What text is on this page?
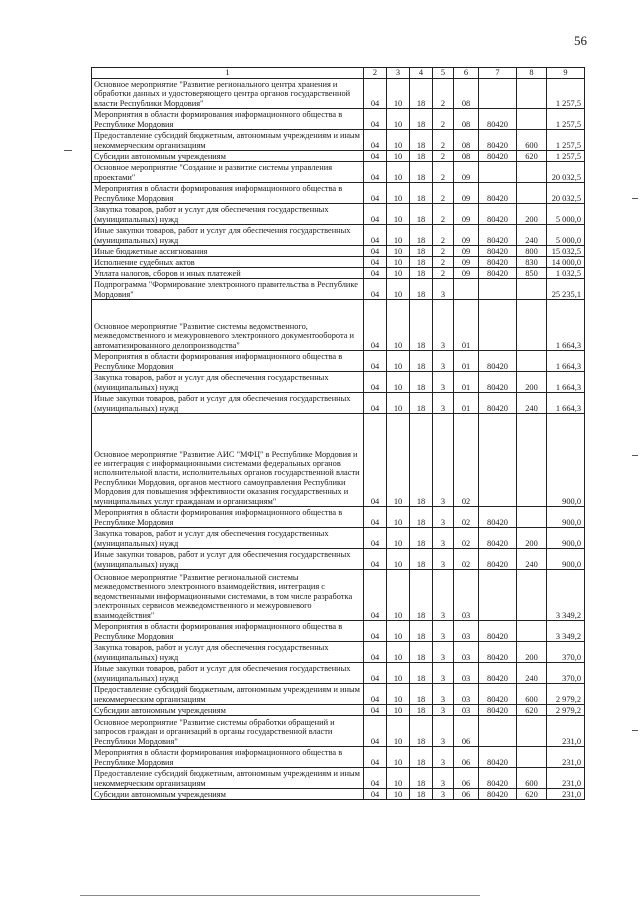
56
1	2	3	4	5	6	7	8	9
Основное мероприятие "Развитие регионального центра хранения и обработки данных и удостоверяющего центра органов государственной власти Республики Мордовия"	04	10	18	2	08			1 257,5
Мероприятия в области формирования информационного общества в Республике Мордовия	04	10	18	2	08	80420		1 257,5
Предоставление субсидий бюджетным, автономным учреждениям и иным некоммерческим организациям	04	10	18	2	08	80420	600	1 257,5
Субсидии автономным учреждениям	04	10	18	2	08	80420	620	1 257,5
Основное мероприятие "Создание и развитие системы управления проектами"	04	10	18	2	09			20 032,5
Мероприятия в области формирования информационного общества в Республике Мордовия	04	10	18	2	09	80420		20 032,5
Закупка товаров, работ и услуг для обеспечения государственных (муниципальных) нужд	04	10	18	2	09	80420	200	5 000,0
Иные закупки товаров, работ и услуг для обеспечения государственных (муниципальных) нужд	04	10	18	2	09	80420	240	5 000,0
Иные бюджетные ассигнования	04	10	18	2	09	80420	800	15 032,5
Исполнение судебных актов	04	10	18	2	09	80420	830	14 000,0
Уплата налогов, сборов и иных платежей	04	10	18	2	09	80420	850	1 032,5
Подпрограмма "Формирование электронного правительства в Республике Мордовия"	04	10	18	3				25 235,1
Основное мероприятие "Развитие системы ведомственного, межведомственного и межуровневого электронного документооборота и автоматизированного делопроизводства"	04	10	18	3	01			1 664,3
Мероприятия в области формирования информационного общества в Республике Мордовия	04	10	18	3	01	80420		1 664,3
Закупка товаров, работ и услуг для обеспечения государственных (муниципальных) нужд	04	10	18	3	01	80420	200	1 664,3
Иные закупки товаров, работ и услуг для обеспечения государственных (муниципальных) нужд	04	10	18	3	01	80420	240	1 664,3
Основное мероприятие "Развитие АИС "МФЦ" в Республике Мордовия и ее интеграция с информационными системами федеральных органов исполнительной власти, исполнительных органов государственной власти Республики Мордовия, органов местного самоуправления Республики Мордовия для повышения эффективности оказания государственных и муниципальных услуг гражданам и организациям"	04	10	18	3	02			900,0
Мероприятия в области формирования информационного общества в Республике Мордовия	04	10	18	3	02	80420		900,0
Закупка товаров, работ и услуг для обеспечения государственных (муниципальных) нужд	04	10	18	3	02	80420	200	900,0
Иные закупки товаров, работ и услуг для обеспечения государственных (муниципальных) нужд	04	10	18	3	02	80420	240	900,0
Основное мероприятие "Развитие региональной системы межведомственного электронного взаимодействия, интеграция с ведомственными информационными системами, в том числе разработка электронных сервисов межведомственного и межуровневого взаимодействия"	04	10	18	3	03			3 349,2
Мероприятия в области формирования информационного общества в Республике Мордовия	04	10	18	3	03	80420		3 349,2
Закупка товаров, работ и услуг для обеспечения государственных (муниципальных) нужд	04	10	18	3	03	80420	200	370,0
Иные закупки товаров, работ и услуг для обеспечения государственных (муниципальных) нужд	04	10	18	3	03	80420	240	370,0
Предоставление субсидий бюджетным, автономным учреждениям и иным некоммерческим организациям	04	10	18	3	03	80420	600	2 979,2
Субсидии автономным учреждениям	04	10	18	3	03	80420	620	2 979,2
Основное мероприятие "Развитие системы обработки обращений и запросов граждан и организаций в органы государственной власти Республики Мордовия"	04	10	18	3	06			231,0
Мероприятия в области формирования информационного общества в Республике Мордовия	04	10	18	3	06	80420		231,0
Предоставление субсидий бюджетным, автономным учреждениям и иным некоммерческим организациям	04	10	18	3	06	80420	600	231,0
Субсидии автономным учреждениям	04	10	18	3	06	80420	620	231,0
